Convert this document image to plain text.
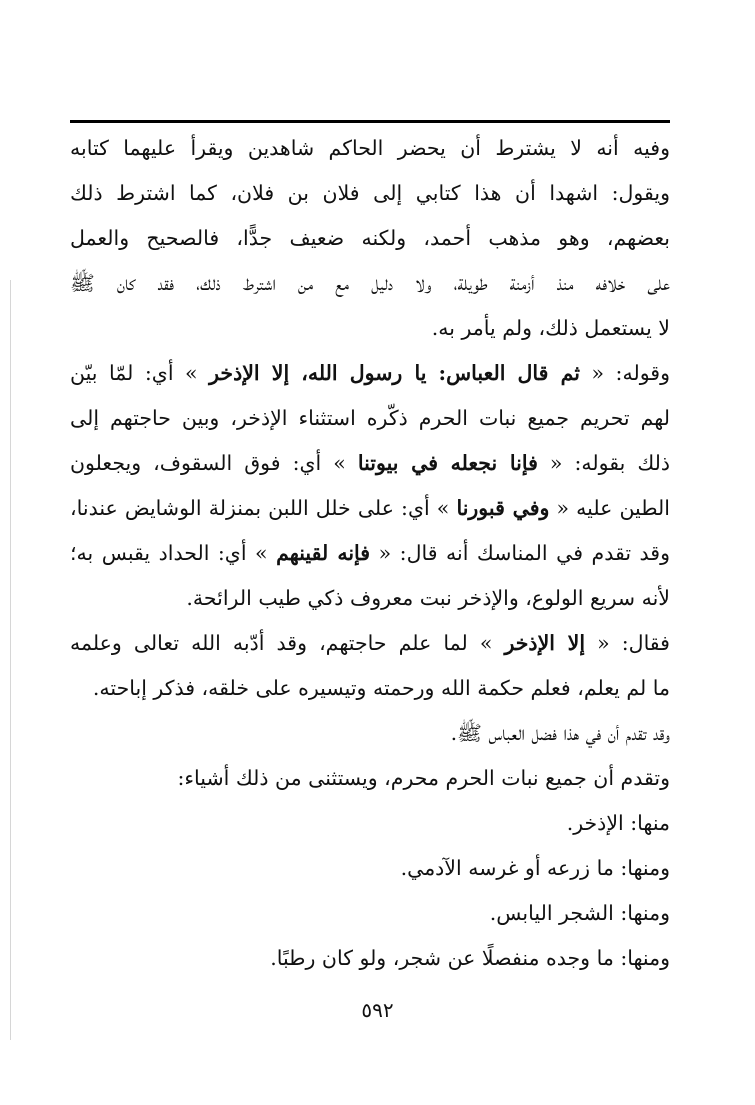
وفيه أنه لا يشترط أن يحضر الحاكم شاهدين ويقرأ عليهما كتابه
ويقول: اشهدا أن هذا كتابي إلى فلان بن فلان، كما اشترط ذلك
بعضهم، وهو مذهب أحمد، ولكنه ضعيف جدًّا، فالصحيح والعمل
على خلافه منذ أزمنة طويلة، ولا دليل مع من اشترط ذلك، فقد كان ﷺ
لا يستعمل ذلك، ولم يأمر به.
وقوله: « ثم قال العباس: يا رسول الله، إلا الإذخر » أي: لمّا بيّن
لهم تحريم جميع نبات الحرم ذكّره استثناء الإذخر، وبين حاجتهم إلى
ذلك بقوله: « فإنا نجعله في بيوتنا » أي: فوق السقوف، ويجعلون
الطين عليه « وفي قبورنا » أي: على خلل اللبن بمنزلة الوشايض عندنا،
وقد تقدم في المناسك أنه قال: « فإنه لقينهم » أي: الحداد يقبس به؛
لأنه سريع الولوع، والإذخر نبت معروف ذكي طيب الرائحة.
فقال: « إلا الإذخر » لما علم حاجتهم، وقد أدّبه الله تعالى وعلمه
ما لم يعلم، فعلم حكمة الله ورحمته وتيسيره على خلقه، فذكر إباحته.
وقد تقدم أن في هذا فضل العباس ﷺ.
وتقدم أن جميع نبات الحرم محرم، ويستثنى من ذلك أشياء:
منها: الإذخر.
ومنها: ما زرعه أو غرسه الآدمي.
ومنها: الشجر اليابس.
ومنها: ما وجده منفصلًا عن شجر، ولو كان رطبًا.
٥٩٢
